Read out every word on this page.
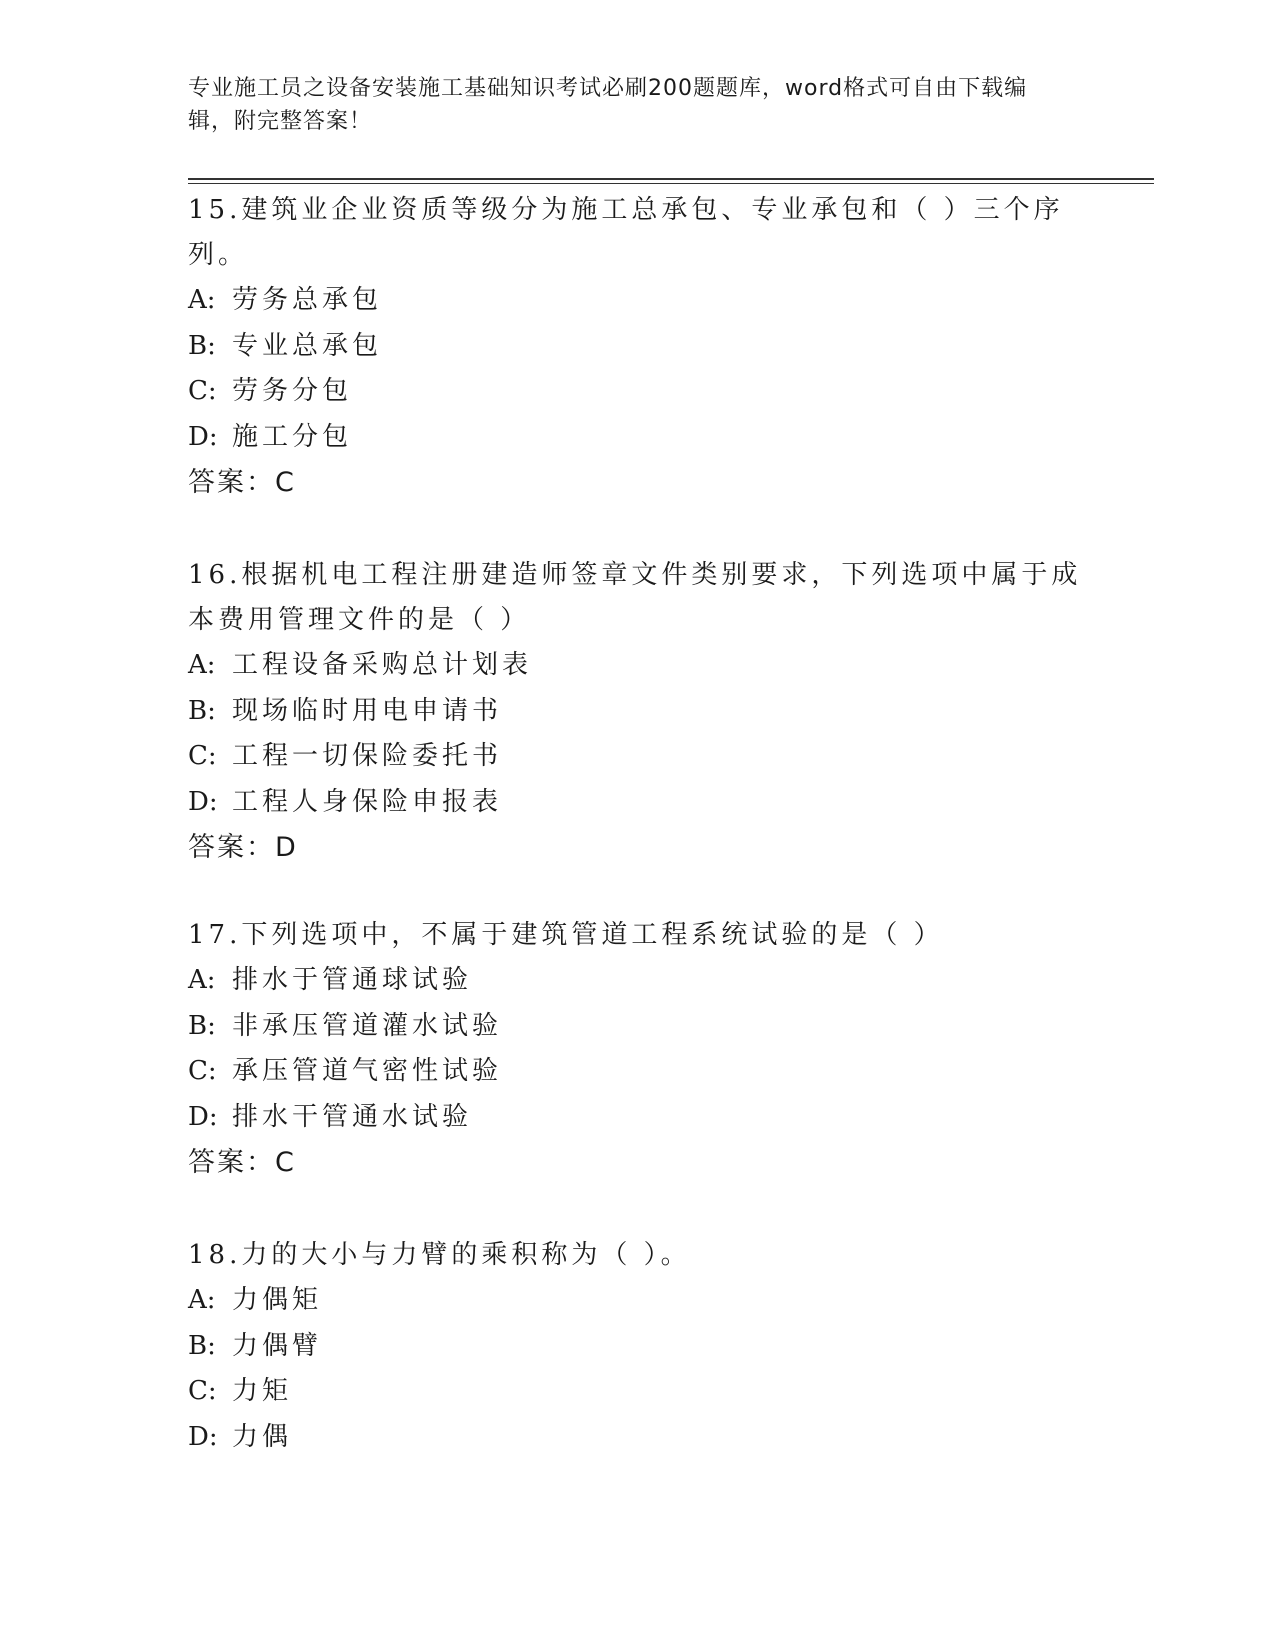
专业施工员之设备安装施工基础知识考试必刷200题题库，word格式可自由下载编辑，附完整答案！

15.建筑业企业资质等级分为施工总承包、专业承包和（ ）三个序列。

A: 劳务总承包

B: 专业总承包

C: 劳务分包

D: 施工分包

答案：C

16.根据机电工程注册建造师签章文件类别要求，下列选项中属于成本费用管理文件的是（ ）

A: 工程设备采购总计划表

B: 现场临时用电申请书

C: 工程一切保险委托书

D: 工程人身保险申报表

答案：D

17.下列选项中，不属于建筑管道工程系统试验的是（ ）

A: 排水于管通球试验

B: 非承压管道灌水试验

C: 承压管道气密性试验

D: 排水干管通水试验

答案：C

18.力的大小与力臂的乘积称为（ ）。

A: 力偶矩

B: 力偶臂

C: 力矩

D: 力偶
